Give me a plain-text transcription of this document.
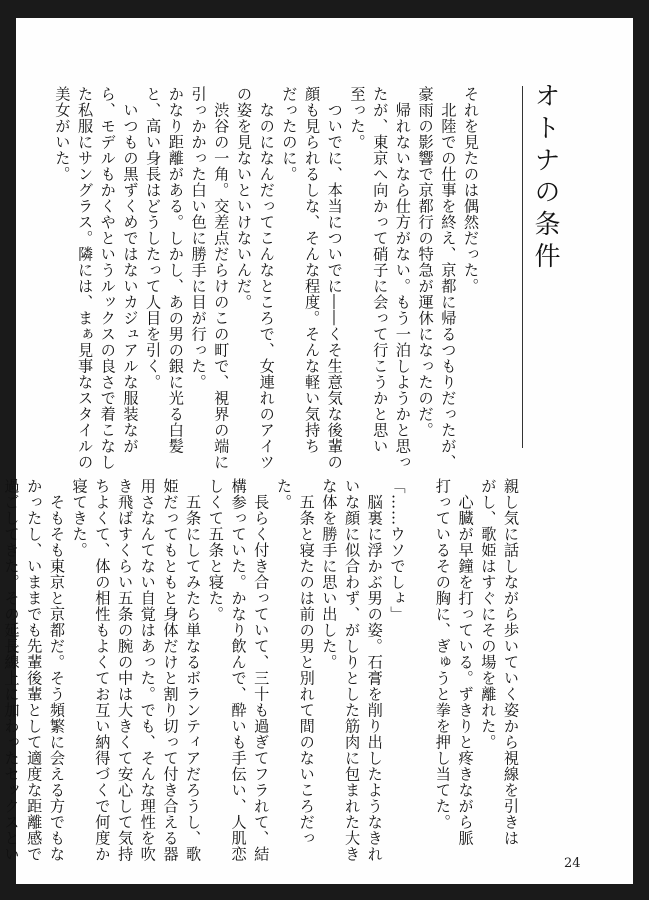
オトナの条件
それを見たのは偶然だった。
　北陸での仕事を終え、京都に帰るつもりだったが、
豪雨の影響で京都行の特急が運休になったのだ。
　帰れないなら仕方がない。もう一泊しようかと思っ
たが、東京へ向かって硝子に会って行こうかと思い
至った。
　ついでに、本当についでに――くそ生意気な後輩の
顔も見られるしな、そんな程度。そんな軽い気持ち
だったのに。
　なのになんだってこんなところで、女連れのアイツ
の姿を見ないといけないんだ。
　渋谷の一角。交差点だらけのこの町で、視界の端に
引っかかった白い色に勝手に目が行った。
かなり距離がある。しかし、あの男の銀に光る白髪
と、高い身長はどうしたって人目を引く。
　いつもの黒ずくめではないカジュアルな服装なが
ら、モデルもかくやというルックスの良さで着こなし
た私服にサングラス。隣には、まぁ見事なスタイルの
美女がいた。
親し気に話しながら歩いていく姿から視線を引きは
がし、歌姫はすぐにその場を離れた。
　心臓が早鐘を打っている。ずきりと疼きながら脈
打っているその胸に、ぎゅうと拳を押し当てた。

「……ウソでしょ」
　脳裏に浮かぶ男の姿。石膏を削り出したようなきれ
いな顔に似合わず、がしりとした筋肉に包まれた大き
な体を勝手に思い出した。
　五条と寝たのは前の男と別れて間のないころだっ
た。
　長らく付き合っていて、三十も過ぎてフラれて、結
構参っていた。かなり飲んで、酔いも手伝い、人肌恋
しくて五条と寝た。
　五条にしてみたら単なるボランティアだろうし、歌
姫だってもともと身体だけと割り切って付き合える器
用さなんてない自覚はあった。でも、そんな理性を吹
き飛ばすくらい五条の腕の中は大きくて安心して気持
ちよくて、体の相性もよくてお互い納得づくで何度か
寝てきた。
　そもそも東京と京都だ。そう頻繁に会える方でもな
かったし、いままでも先輩後輩として適度な距離感で
過ごしてきた。その延長線上に加わったセックスとい

24
